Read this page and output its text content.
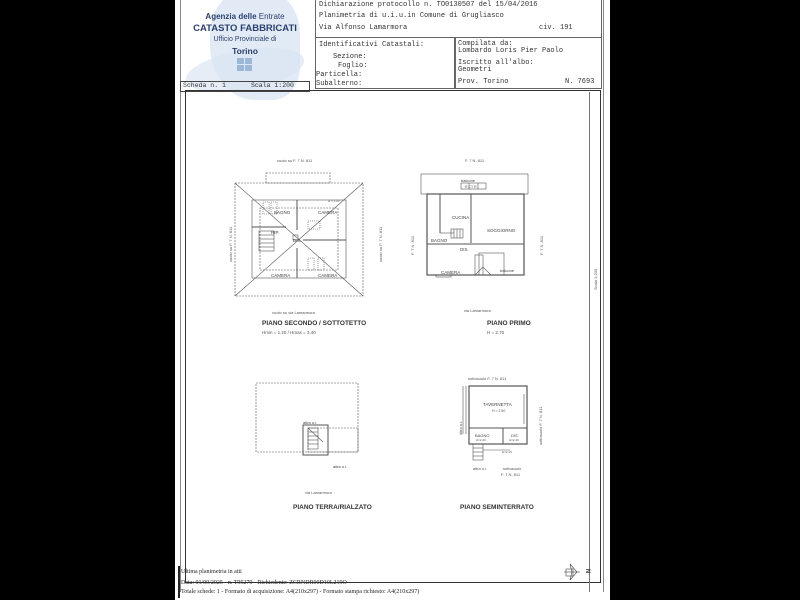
Agenzia delle Entrate
CATASTO FABBRICATI
Ufficio Provinciale di
Torino
Dichiarazione protocollo n. TO0130507 del 15/04/2016
Planimetria di u.i.u.in Comune di Grugliasco
Via Alfonso Lamarmora	civ. 191
Identificativi Catastali:
Sezione:
Foglio:
Particella:
Subalterno:
Compilata da:
Lombardo Loris Pier Paolo
Iscritto all'albo:
Geometri
Prov. Torino	N. 7693
Scheda n. 1	Scala 1:200
Scala 1:200
vuoto su F. 7 N. 811
vuoto su F. 7 N. 811	vuoto su F. 7 N. 811
BAGNO	CAMERA
RIP.
DIS.
CAMERA	CAMERA
H = 1.20
vuoto su via Lamarmora
PIANO SECONDO / SOTTOTETTO
Hmin = 1.20 / Hmax = 3.40
F. 7 N. 811
F. 7 N. 811	F. 7 N. 811
balcone
R CT R
CUCINA
SOGGIORNO
BAGNO
DIS.
CAMERA	balcone
via Lamarmora
PIANO PRIMO
H = 2.70
altra u.i.
altra u.i.
via Lamarmora
PIANO TERRA/RIALZATO
sottosuolo F. 7 N. 811
altra u.i.	sottosuolo F. 7 N. 811
TAVERNETTA
H = 2.50
BAGNO
H=2.40
DIS.
H=2.40
H=2.15
altra u.i.	sottosuolo
F. 7 N. 811
PIANO SEMINTERRATO
N
Ultima planimetria in atti
Data: 01/09/2025 - n. T95279 - Richiedente: ZCRNDR00D10L219O
Totale schede: 1 - Formato di acquisizione: A4(210x297) - Formato stampa richiesto: A4(210x297)
